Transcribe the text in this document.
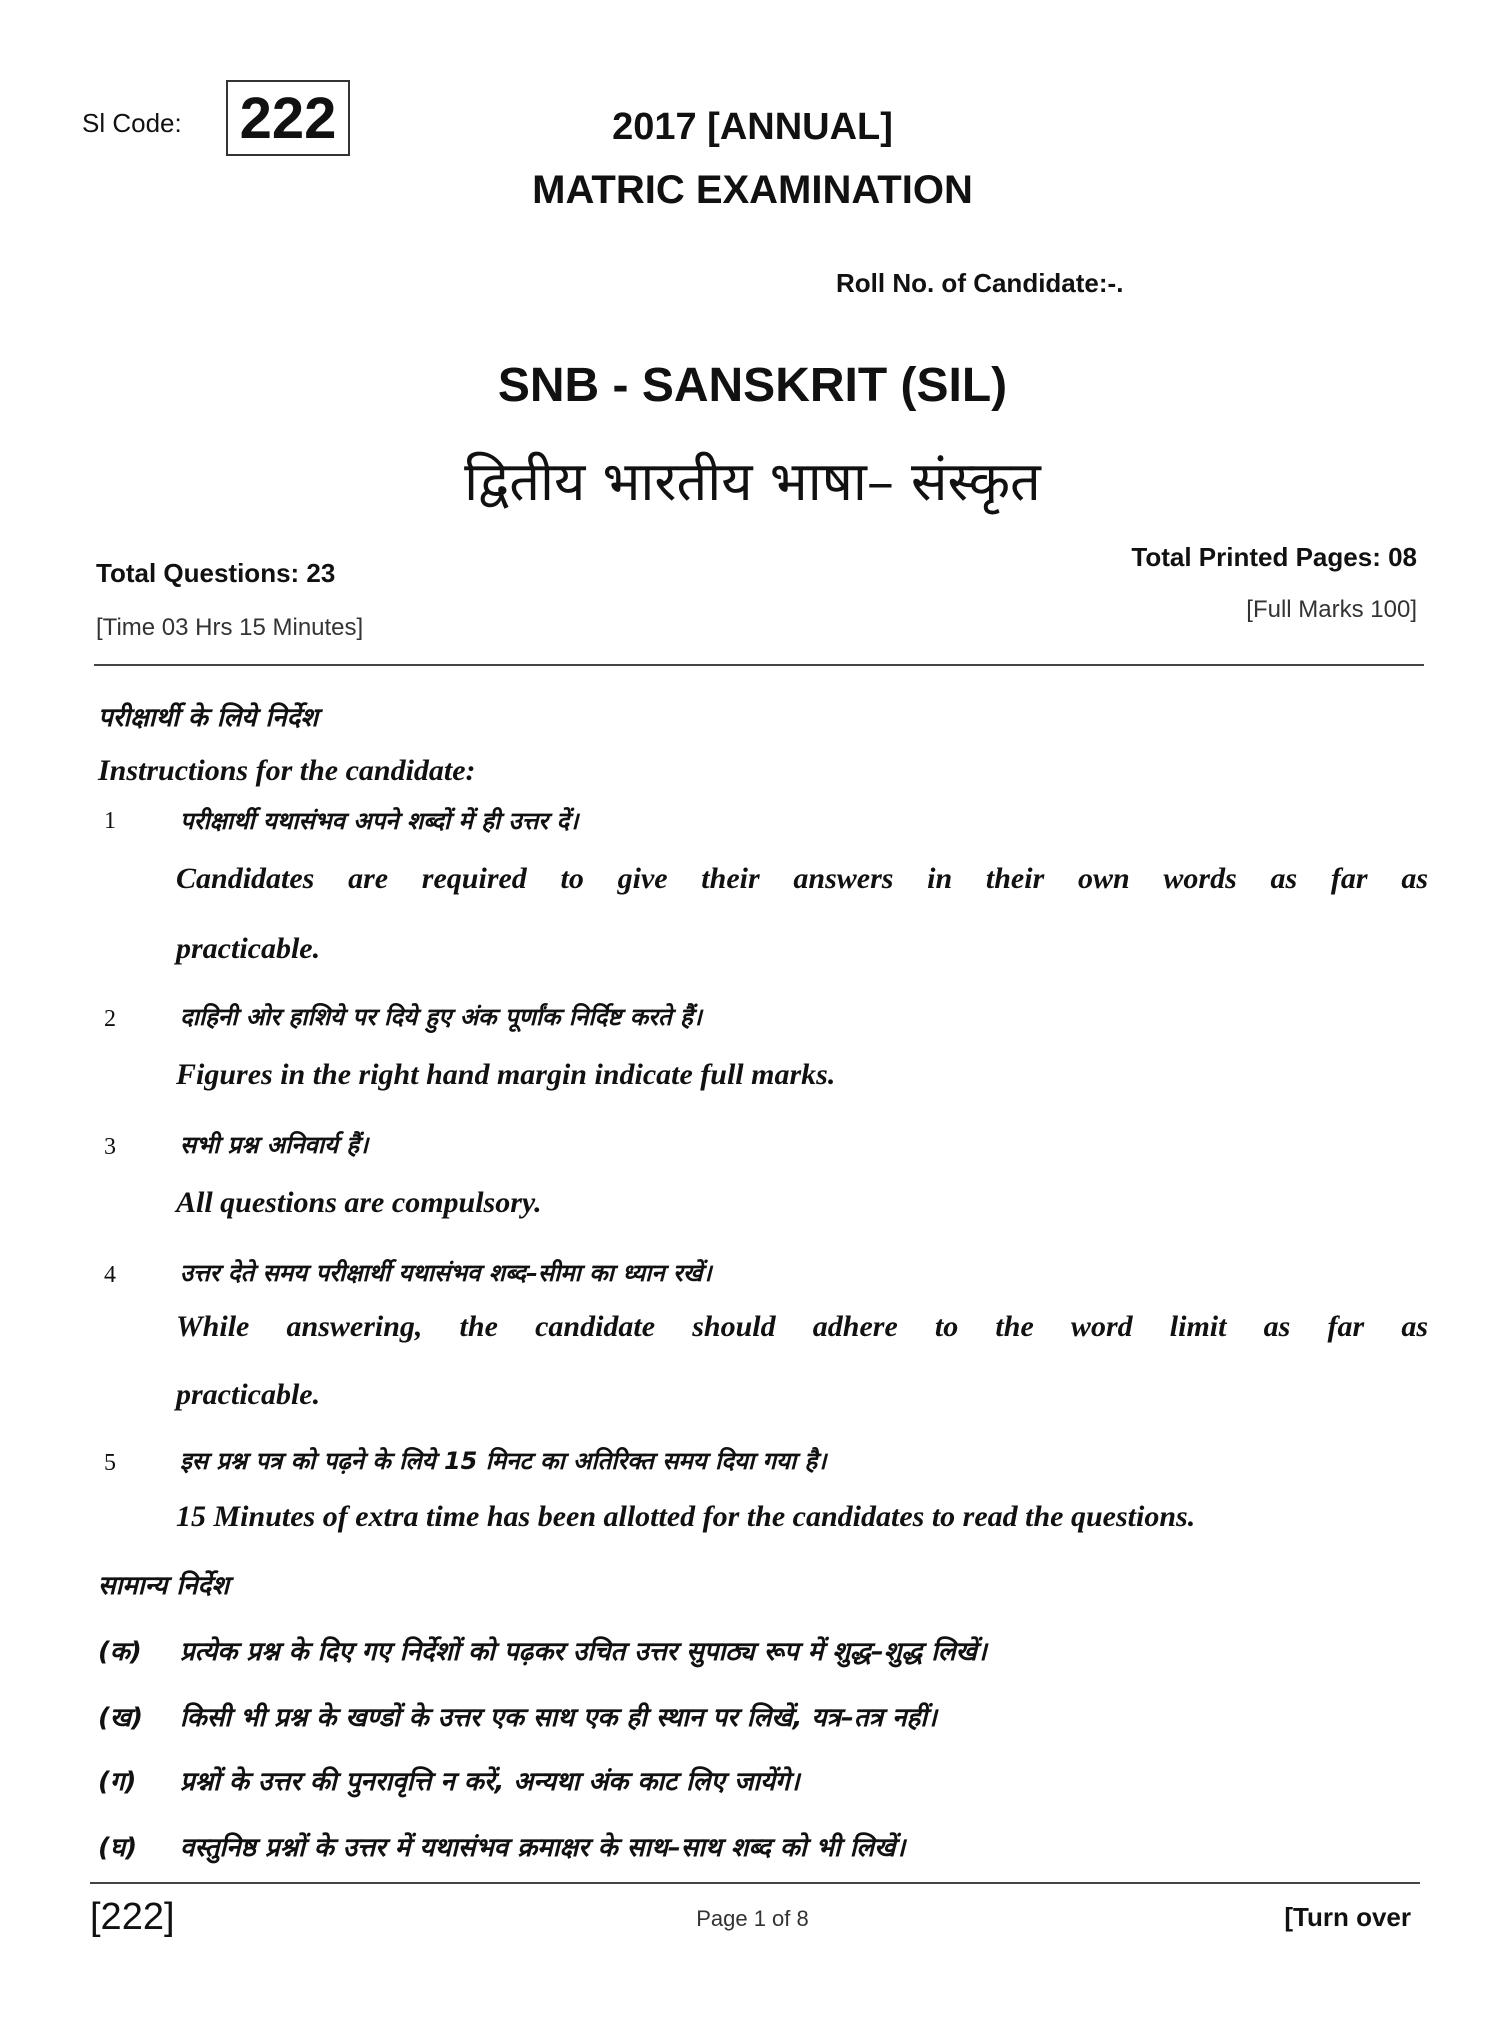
Sl Code: 222	2017 [ANNUAL]
MATRIC EXAMINATION
Roll No. of Candidate:-.
SNB - SANSKRIT (SIL)
द्वितीय भारतीय भाषा– संस्कृत
Total Questions: 23
Total Printed Pages: 08
[Time 03 Hrs 15 Minutes]
[Full Marks 100]
परीक्षार्थी के लिये निर्देश
Instructions for the candidate:
1	परीक्षार्थी यथासंभव अपने शब्दों में ही उत्तर दें।
Candidates are required to give their answers in their own words as far as
practicable.
2	दाहिनी ओर हाशिये पर दिये हुए अंक पूर्णांक निर्दिष्ट करते हैं।
Figures in the right hand margin indicate full marks.
3	सभी प्रश्न अनिवार्य हैं।
All questions are compulsory.
4	उत्तर देते समय परीक्षार्थी यथासंभव शब्द–सीमा का ध्यान रखें।
While answering, the candidate should adhere to the word limit as far as
practicable.
5	इस प्रश्न पत्र को पढ़ने के लिये 15 मिनट का अतिरिक्त समय दिया गया है।
15 Minutes of extra time has been allotted for the candidates to read the questions.
सामान्य निर्देश
(क) प्रत्येक प्रश्न के दिए गए निर्देशों को पढ़कर उचित उत्तर सुपाठ्य रूप में शुद्ध–शुद्ध लिखें।
(ख) किसी भी प्रश्न के खण्डों के उत्तर एक साथ एक ही स्थान पर लिखें, यत्र–तत्र नहीं।
(ग) प्रश्नों के उत्तर की पुनरावृत्ति न करें, अन्यथा अंक काट लिए जायेंगे।
(घ) वस्तुनिष्ठ प्रश्नों के उत्तर में यथासंभव क्रमाक्षर के साथ–साथ शब्द को भी लिखें।
[222]	Page 1 of 8	[Turn over
